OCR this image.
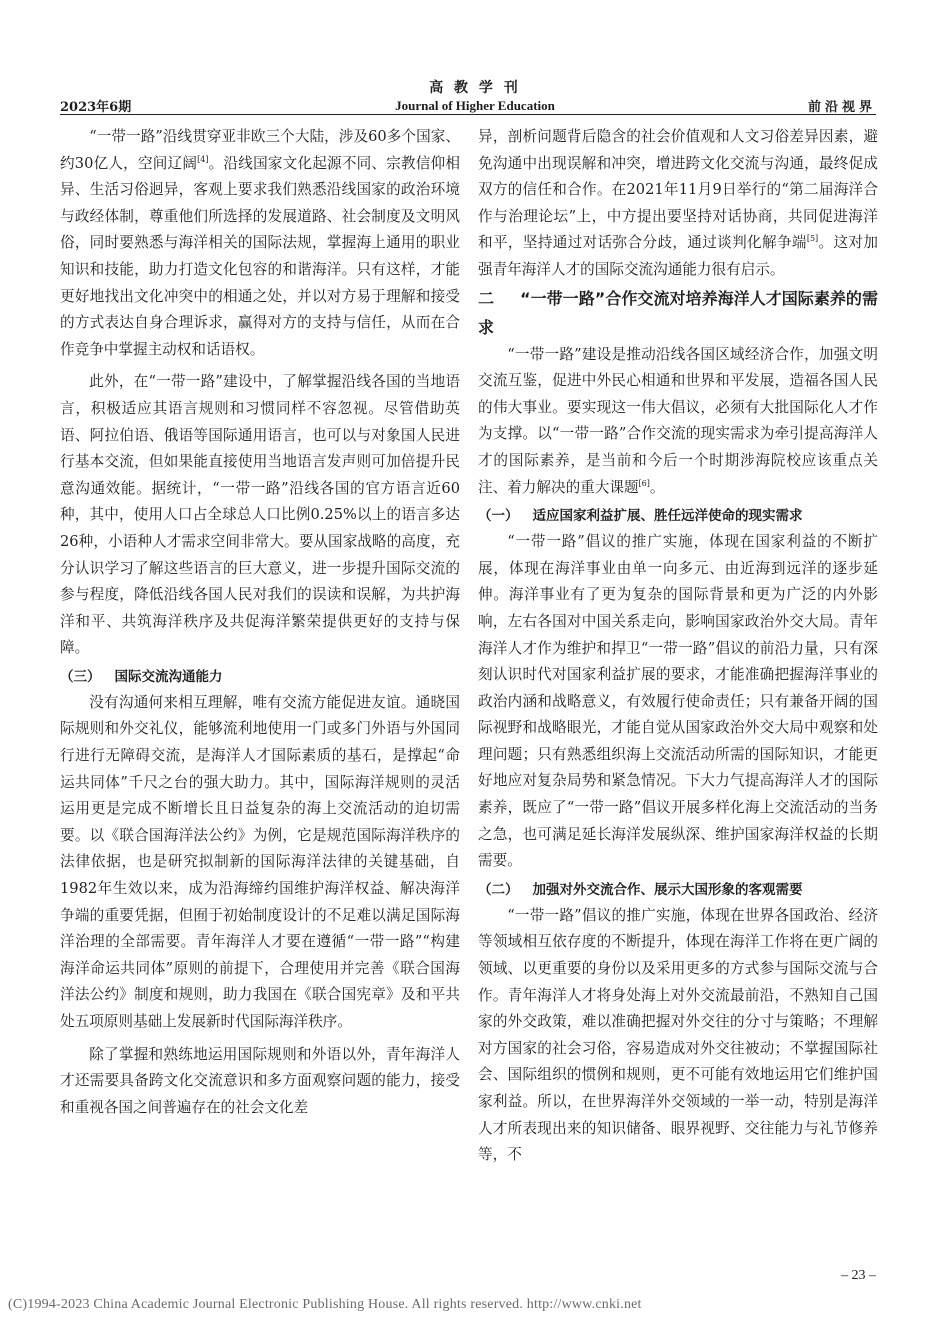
高 教 学 刊
Journal of Higher Education
2023年6期	前沿视界

“一带一路”沿线贯穿亚非欧三个大陆，涉及60多个国家、约30亿人，空间辽阔[4]。沿线国家文化起源不同、宗教信仰相异、生活习俗迥异，客观上要求我们熟悉沿线国家的政治环境与政经体制，尊重他们所选择的发展道路、社会制度及文明风俗，同时要熟悉与海洋相关的国际法规，掌握海上通用的职业知识和技能，助力打造文化包容的和谐海洋。只有这样，才能更好地找出文化冲突中的相通之处，并以对方易于理解和接受的方式表达自身合理诉求，赢得对方的支持与信任，从而在合作竞争中掌握主动权和话语权。

此外，在“一带一路”建设中，了解掌握沿线各国的当地语言，积极适应其语言规则和习惯同样不容忽视。尽管借助英语、阿拉伯语、俄语等国际通用语言，也可以与对象国人民进行基本交流，但如果能直接使用当地语言发声则可加倍提升民意沟通效能。据统计，“一带一路”沿线各国的官方语言近60种，其中，使用人口占全球总人口比例0.25%以上的语言多达26种，小语种人才需求空间非常大。要从国家战略的高度，充分认识学习了解这些语言的巨大意义，进一步提升国际交流的参与程度，降低沿线各国人民对我们的误读和误解，为共护海洋和平、共筑海洋秩序及共促海洋繁荣提供更好的支持与保障。

（三） 国际交流沟通能力

没有沟通何来相互理解，唯有交流方能促进友谊。通晓国际规则和外交礼仪，能够流利地使用一门或多门外语与外国同行进行无障碍交流，是海洋人才国际素质的基石，是撑起“命运共同体”千尺之台的强大助力。其中，国际海洋规则的灵活运用更是完成不断增长且日益复杂的海上交流活动的迫切需要。以《联合国海洋法公约》为例，它是规范国际海洋秩序的法律依据，也是研究拟制新的国际海洋法律的关键基础，自1982年生效以来，成为沿海缔约国维护海洋权益、解决海洋争端的重要凭据，但囿于初始制度设计的不足难以满足国际海洋治理的全部需要。青年海洋人才要在遵循“一带一路”“构建海洋命运共同体”原则的前提下，合理使用并完善《联合国海洋法公约》制度和规则，助力我国在《联合国宪章》及和平共处五项原则基础上发展新时代国际海洋秩序。

除了掌握和熟练地运用国际规则和外语以外，青年海洋人才还需要具备跨文化交流意识和多方面观察问题的能力，接受和重视各国之间普遍存在的社会文化差

异，剖析问题背后隐含的社会价值观和人文习俗差异因素，避免沟通中出现误解和冲突，增进跨文化交流与沟通，最终促成双方的信任和合作。在2021年11月9日举行的“第二届海洋合作与治理论坛”上，中方提出要坚持对话协商，共同促进海洋和平，坚持通过对话弥合分歧，通过谈判化解争端[5]。这对加强青年海洋人才的国际交流沟通能力很有启示。

二 “一带一路”合作交流对培养海洋人才国际素养的需求

“一带一路”建设是推动沿线各国区域经济合作，加强文明交流互鉴，促进中外民心相通和世界和平发展，造福各国人民的伟大事业。要实现这一伟大倡议，必须有大批国际化人才作为支撑。以“一带一路”合作交流的现实需求为牵引提高海洋人才的国际素养，是当前和今后一个时期涉海院校应该重点关注、着力解决的重大课题[6]。

（一） 适应国家利益扩展、胜任远洋使命的现实需求

“一带一路”倡议的推广实施，体现在国家利益的不断扩展，体现在海洋事业由单一向多元、由近海到远洋的逐步延伸。海洋事业有了更为复杂的国际背景和更为广泛的内外影响，左右各国对中国关系走向，影响国家政治外交大局。青年海洋人才作为维护和捍卫“一带一路”倡议的前沿力量，只有深刻认识时代对国家利益扩展的要求，才能准确把握海洋事业的政治内涵和战略意义，有效履行使命责任；只有兼备开阔的国际视野和战略眼光，才能自觉从国家政治外交大局中观察和处理问题；只有熟悉组织海上交流活动所需的国际知识，才能更好地应对复杂局势和紧急情况。下大力气提高海洋人才的国际素养，既应了“一带一路”倡议开展多样化海上交流活动的当务之急，也可满足延长海洋发展纵深、维护国家海洋权益的长期需要。

（二） 加强对外交流合作、展示大国形象的客观需要

“一带一路”倡议的推广实施，体现在世界各国政治、经济等领域相互依存度的不断提升，体现在海洋工作将在更广阔的领域、以更重要的身份以及采用更多的方式参与国际交流与合作。青年海洋人才将身处海上对外交流最前沿，不熟知自己国家的外交政策，难以准确把握对外交往的分寸与策略；不理解对方国家的社会习俗，容易造成对外交往被动；不掌握国际社会、国际组织的惯例和规则，更不可能有效地运用它们维护国家利益。所以，在世界海洋外交领域的一举一动，特别是海洋人才所表现出来的知识储备、眼界视野、交往能力与礼节修养等，不

– 23 –
(C)1994-2023 China Academic Journal Electronic Publishing House. All rights reserved. http://www.cnki.net
